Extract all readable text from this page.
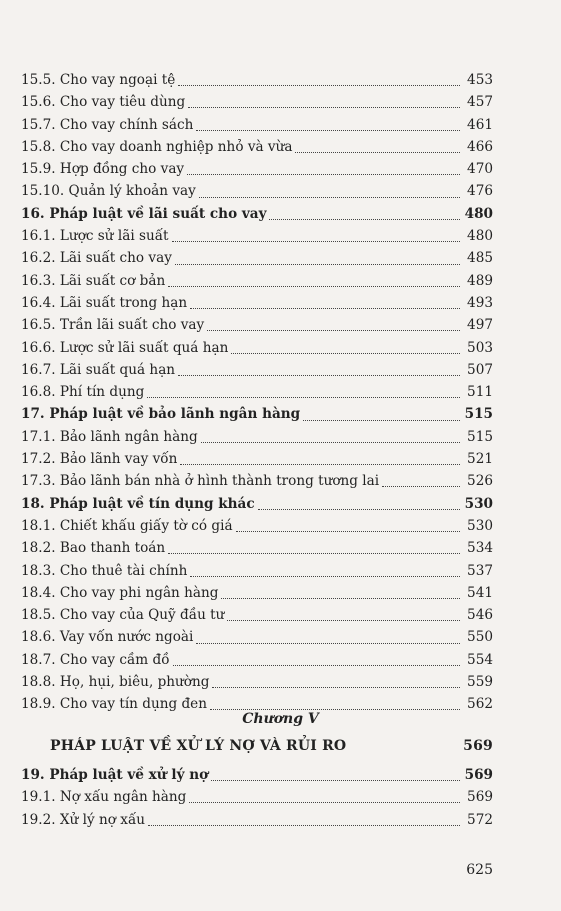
15.5. Cho vay ngoại tệ	453
15.6. Cho vay tiêu dùng	457
15.7. Cho vay chính sách	461
15.8. Cho vay doanh nghiệp nhỏ và vừa	466
15.9. Hợp đồng cho vay	470
15.10. Quản lý khoản vay	476
16. Pháp luật về lãi suất cho vay	480
16.1. Lược sử lãi suất	480
16.2. Lãi suất cho vay	485
16.3. Lãi suất cơ bản	489
16.4. Lãi suất trong hạn	493
16.5. Trần lãi suất cho vay	497
16.6. Lược sử lãi suất quá hạn	503
16.7. Lãi suất quá hạn	507
16.8. Phí tín dụng	511
17. Pháp luật về bảo lãnh ngân hàng	515
17.1. Bảo lãnh ngân hàng	515
17.2. Bảo lãnh vay vốn	521
17.3. Bảo lãnh bán nhà ở hình thành trong tương lai	526
18. Pháp luật về tín dụng khác	530
18.1. Chiết khấu giấy tờ có giá	530
18.2. Bao thanh toán	534
18.3. Cho thuê tài chính	537
18.4. Cho vay phi ngân hàng	541
18.5. Cho vay của Quỹ đầu tư	546
18.6. Vay vốn nước ngoài	550
18.7. Cho vay cầm đồ	554
18.8. Họ, hụi, biêu, phường	559
18.9. Cho vay tín dụng đen	562
Chương V
PHÁP LUẬT VỀ XỬ LÝ NỢ VÀ RỦI RO	569
19. Pháp luật về xử lý nợ	569
19.1. Nợ xấu ngân hàng	569
19.2. Xử lý nợ xấu	572
625
